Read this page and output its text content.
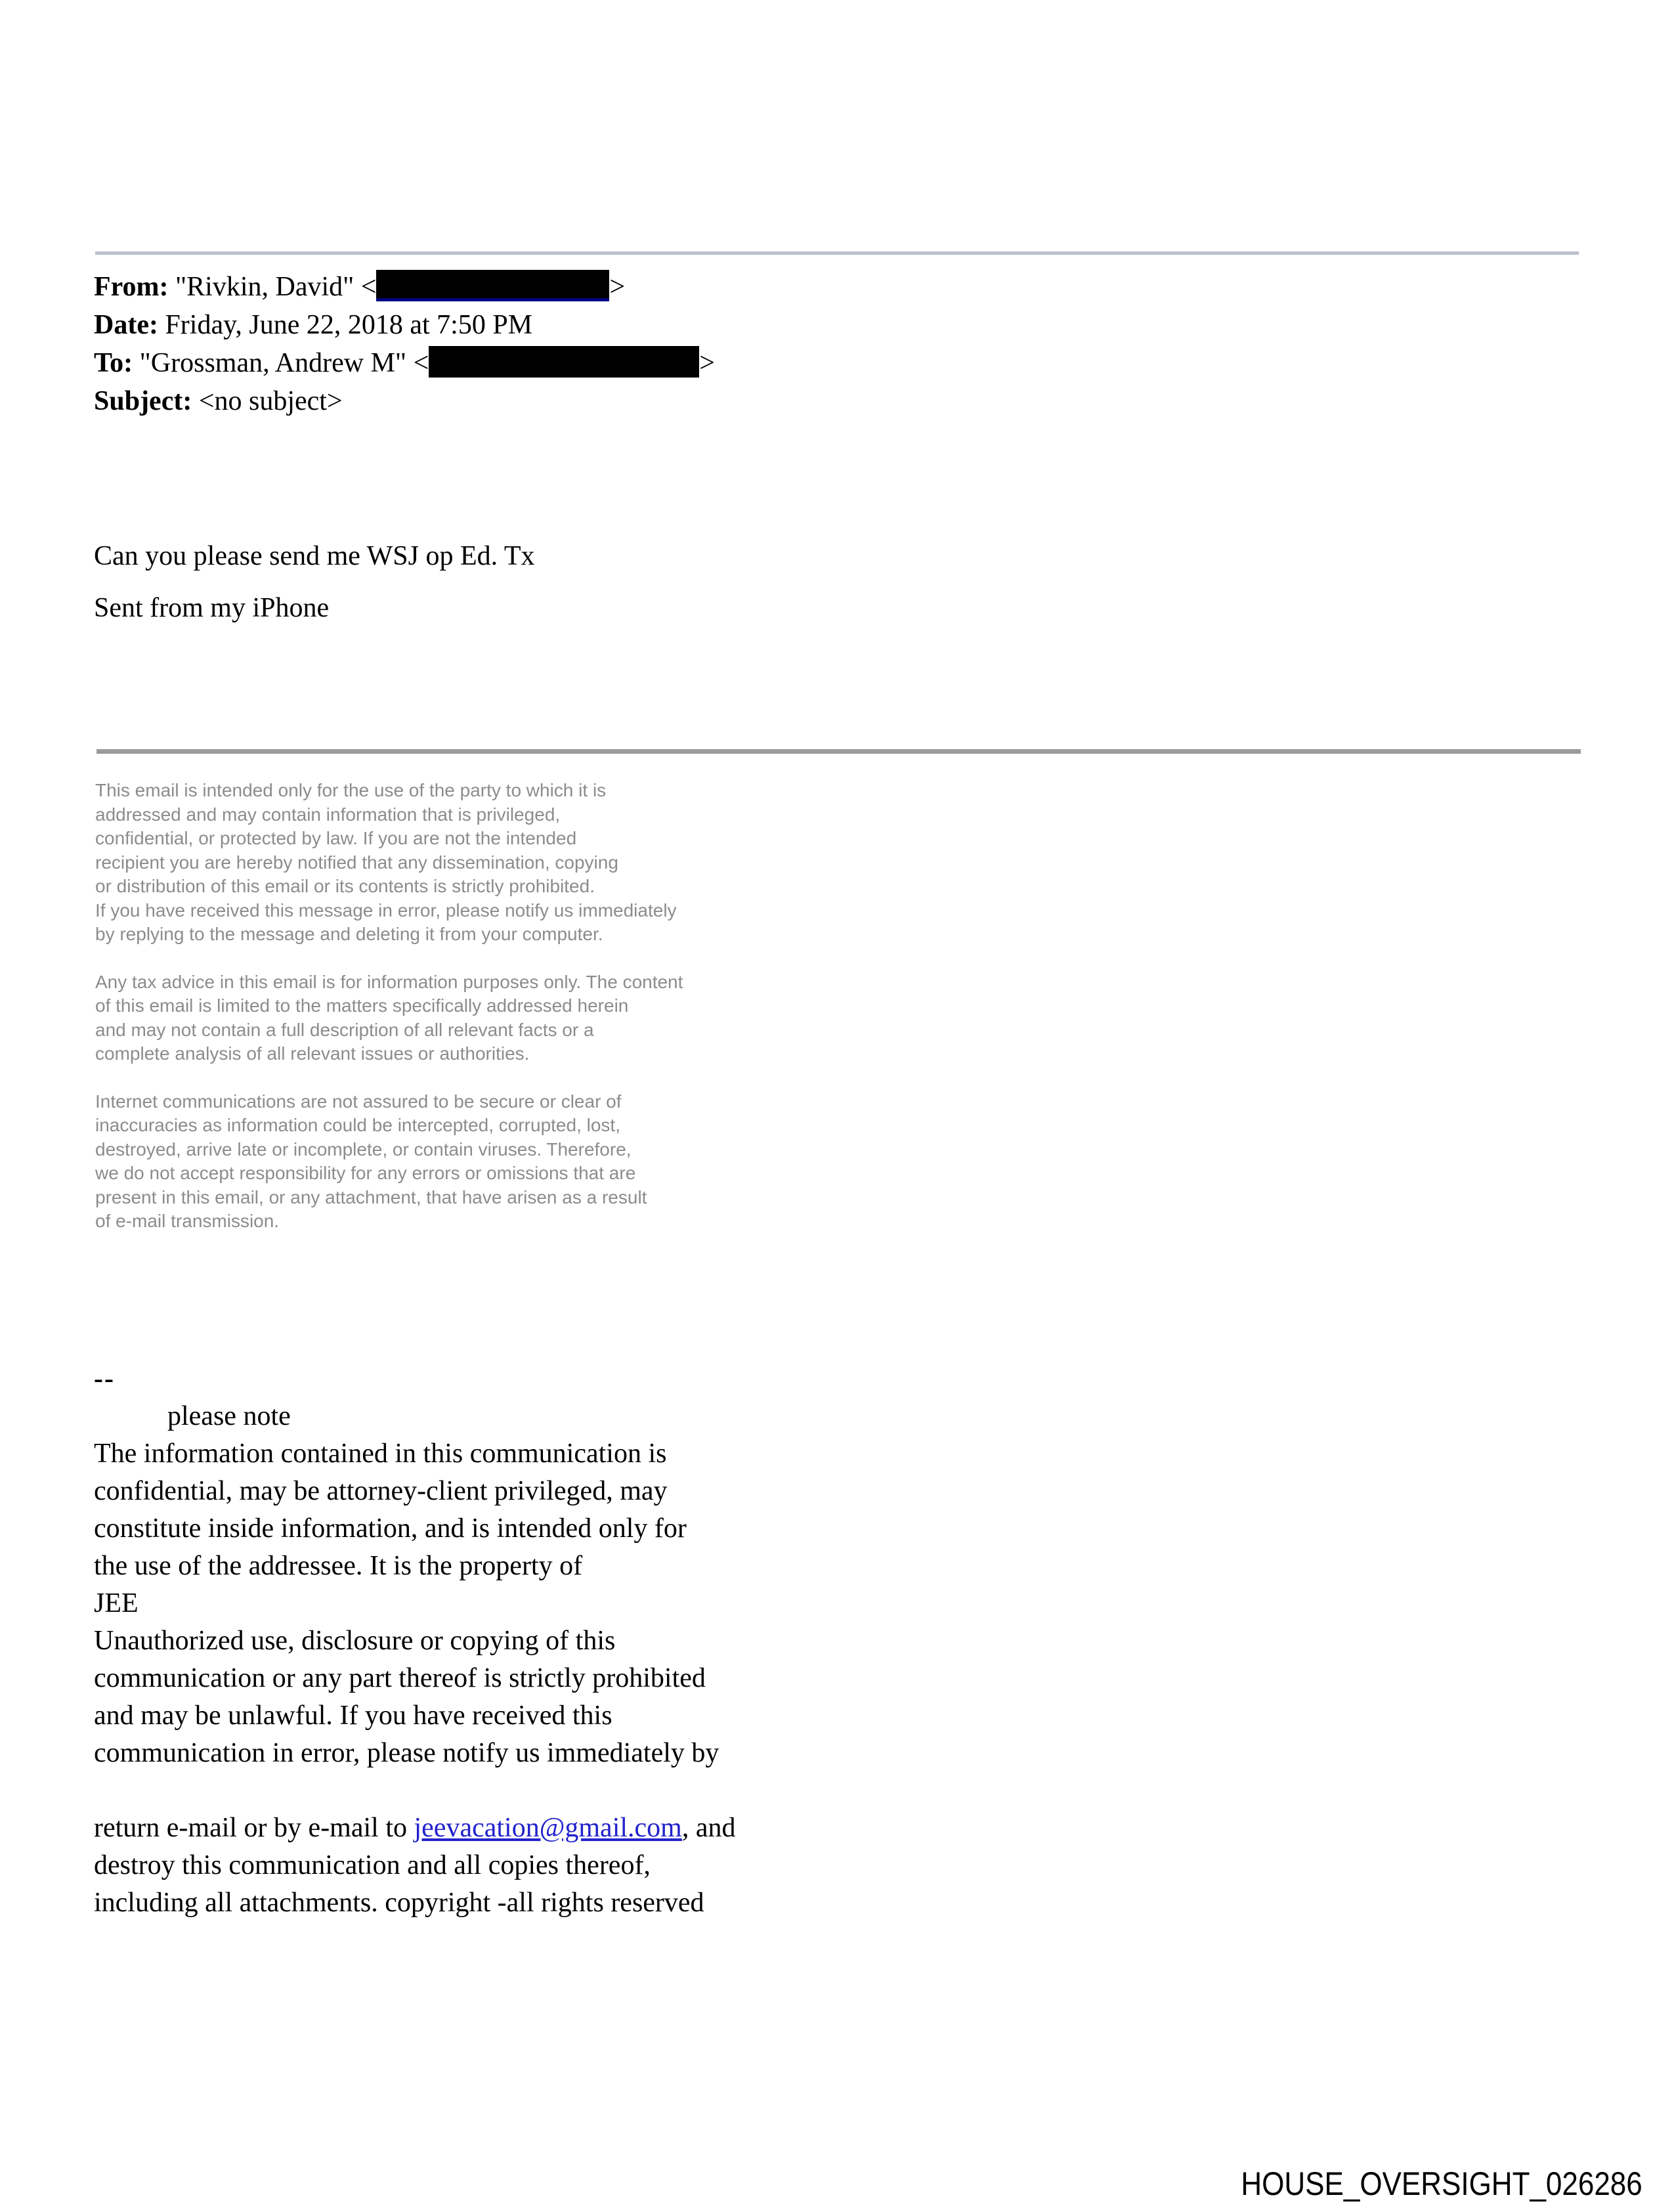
From: "Rivkin, David" <	>
Date: Friday, June 22, 2018 at 7:50 PM
To: "Grossman, Andrew M" <	>
Subject: <no subject>

Can you please send me WSJ op Ed. Tx

Sent from my iPhone

This email is intended only for the use of the party to which it is
addressed and may contain information that is privileged,
confidential, or protected by law. If you are not the intended
recipient you are hereby notified that any dissemination, copying
or distribution of this email or its contents is strictly prohibited.
If you have received this message in error, please notify us immediately
by replying to the message and deleting it from your computer.

Any tax advice in this email is for information purposes only. The content
of this email is limited to the matters specifically addressed herein
and may not contain a full description of all relevant facts or a
complete analysis of all relevant issues or authorities.

Internet communications are not assured to be secure or clear of
inaccuracies as information could be intercepted, corrupted, lost,
destroyed, arrive late or incomplete, or contain viruses. Therefore,
we do not accept responsibility for any errors or omissions that are
present in this email, or any attachment, that have arisen as a result
of e-mail transmission.

--
please note
The information contained in this communication is
confidential, may be attorney-client privileged, may
constitute inside information, and is intended only for
the use of the addressee. It is the property of
JEE
Unauthorized use, disclosure or copying of this
communication or any part thereof is strictly prohibited
and may be unlawful. If you have received this
communication in error, please notify us immediately by

return e-mail or by e-mail to jeevacation@gmail.com, and

destroy this communication and all copies thereof,
including all attachments. copyright -all rights reserved
HOUSE_OVERSIGHT_026286
